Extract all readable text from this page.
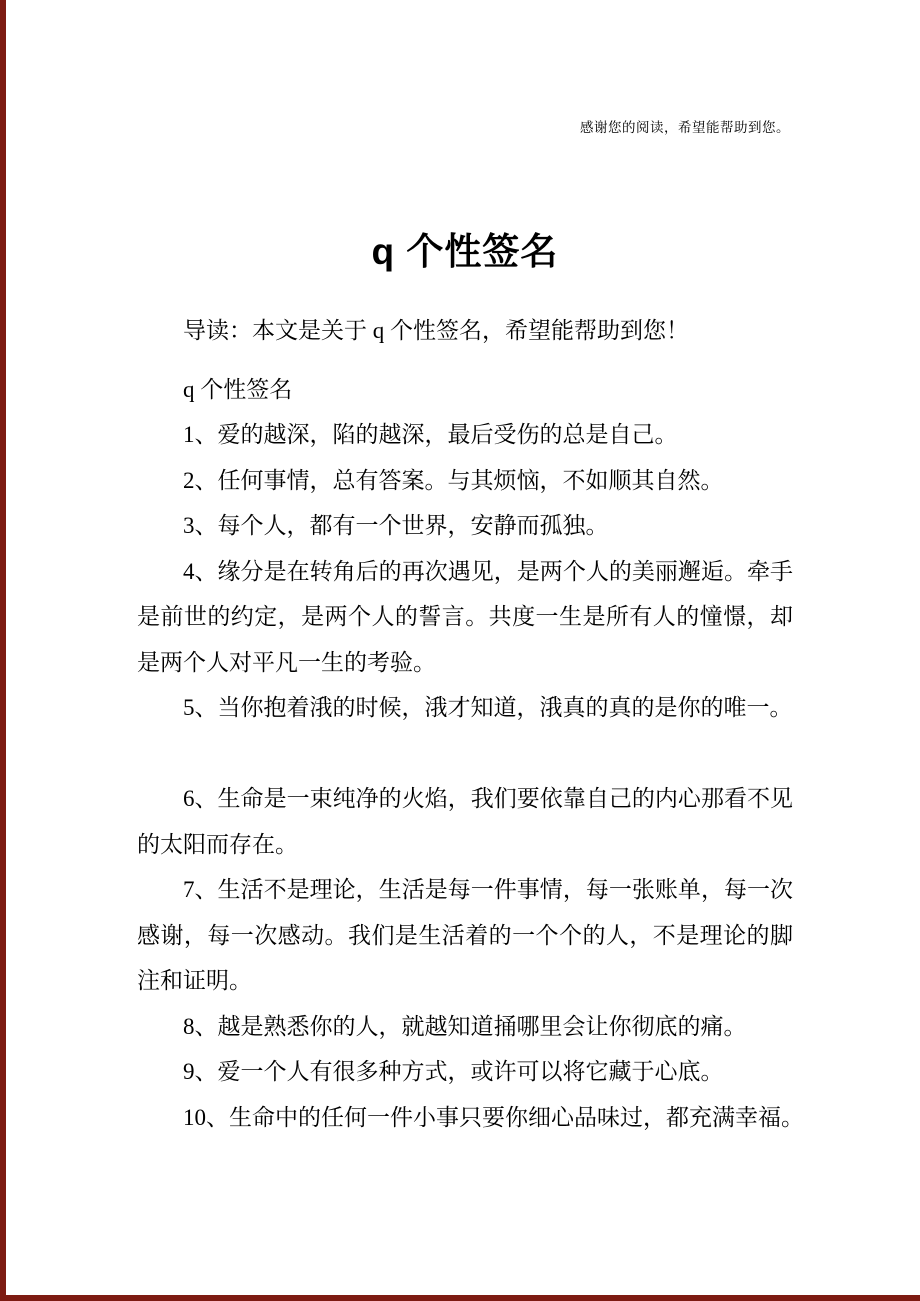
感谢您的阅读，希望能帮助到您。
q 个性签名

导读：本文是关于 q 个性签名，希望能帮助到您！

q 个性签名

1、爱的越深，陷的越深，最后受伤的总是自己。

2、任何事情，总有答案。与其烦恼，不如顺其自然。

3、每个人，都有一个世界，安静而孤独。

4、缘分是在转角后的再次遇见，是两个人的美丽邂逅。牵手是前世的约定，是两个人的誓言。共度一生是所有人的憧憬，却是两个人对平凡一生的考验。

5、当你抱着涐的时候，涐才知道，涐真的真的是你的唯一。

6、生命是一束纯净的火焰，我们要依靠自己的内心那看不见的太阳而存在。

7、生活不是理论，生活是每一件事情，每一张账单，每一次感谢，每一次感动。我们是生活着的一个个的人，不是理论的脚注和证明。

8、越是熟悉你的人，就越知道捅哪里会让你彻底的痛。

9、爱一个人有很多种方式，或许可以将它藏于心底。

10、生命中的任何一件小事只要你细心品味过，都充满幸福。
